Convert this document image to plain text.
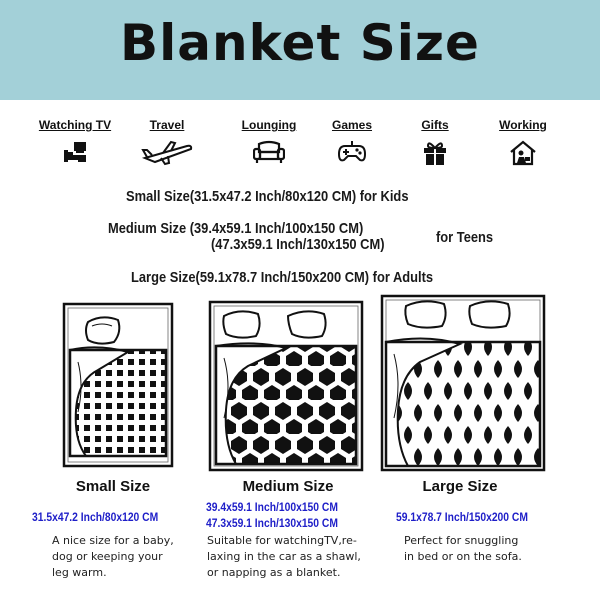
Blanket Size
Watching TV	Travel	Lounging	Games	Gifts	Working
Small Size(31.5x47.2 Inch/80x120 CM) for Kids
Medium Size (39.4x59.1 Inch/100x150 CM)
(47.3x59.1 Inch/130x150 CM)	for Teens
Large Size(59.1x78.7 Inch/150x200 CM) for Adults
Small Size	Medium Size	Large Size
31.5x47.2 Inch/80x120 CM
39.4x59.1 Inch/100x150 CM
47.3x59.1 Inch/130x150 CM	59.1x78.7 Inch/150x200 CM
A nice size for a baby,
dog or keeping your
leg warm.
Suitable for watchingTV,re-
laxing in the car as a shawl,
or napping as a blanket.
Perfect for snuggling
in bed or on the sofa.
